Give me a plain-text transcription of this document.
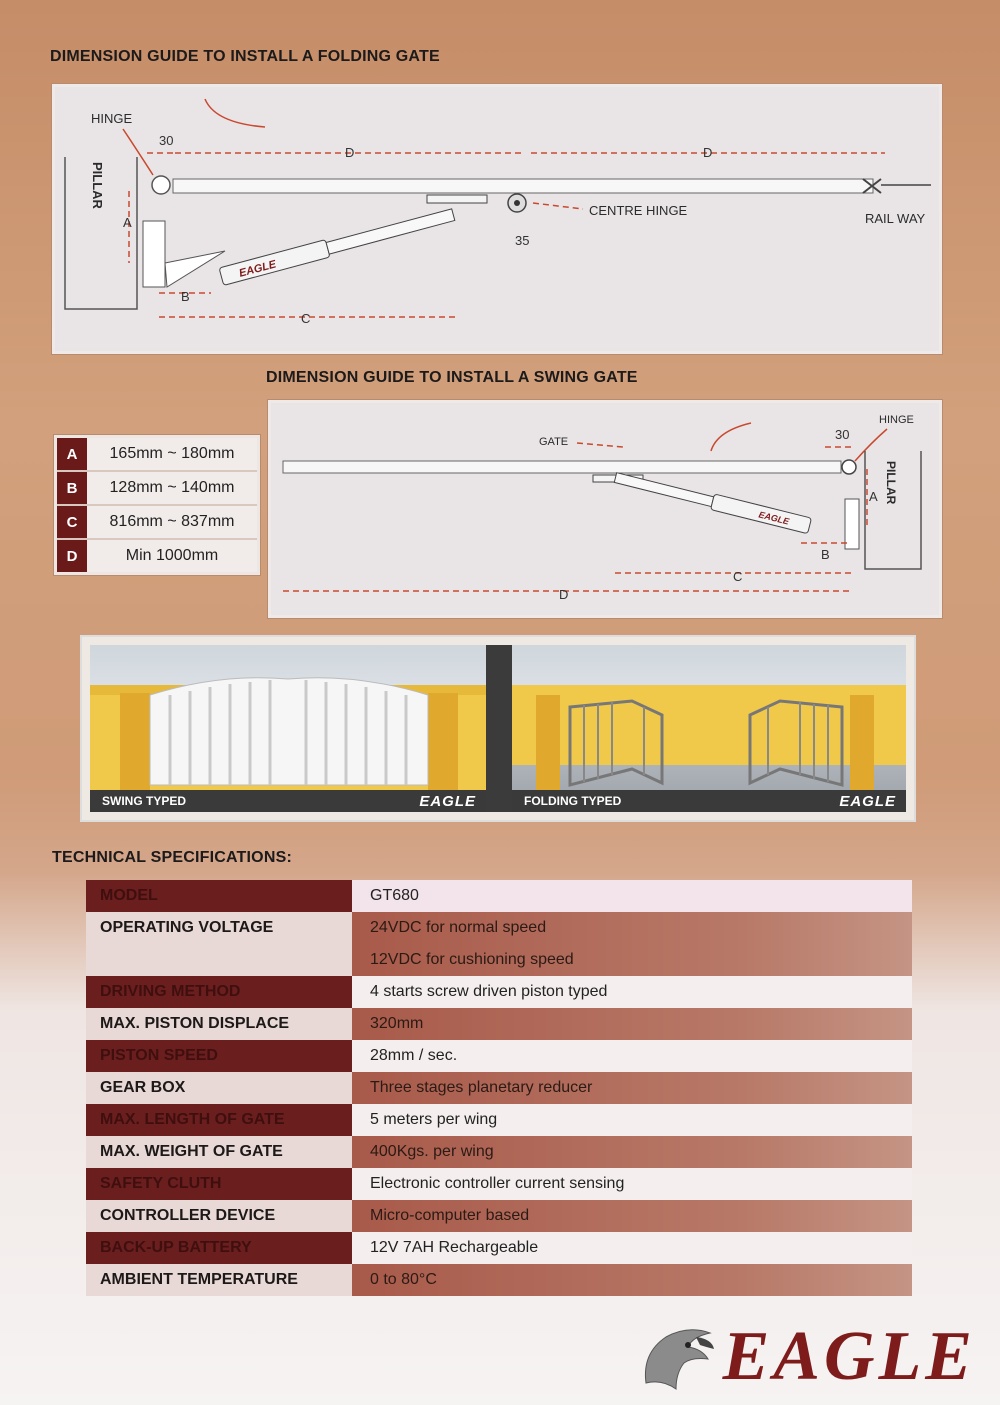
DIMENSION GUIDE TO INSTALL A FOLDING GATE
PILLAR
HINGE
30
D	D
CENTRE HINGE
35
RAIL WAY
EAGLE
A
B
C
DIMENSION GUIDE TO INSTALL A SWING GATE
GATE
HINGE
30
PILLAR
EAGLE
A
B
C
D
A	165mm ~ 180mm
B	128mm ~ 140mm
C	816mm ~ 837mm
D	Min 1000mm
SWING TYPED	EAGLE	FOLDING TYPED	EAGLE
TECHNICAL SPECIFICATIONS:
MODEL	GT680
OPERATING VOLTAGE	24VDC for normal speed
12VDC for cushioning speed
DRIVING METHOD	4 starts screw driven piston typed
MAX. PISTON DISPLACE	320mm
PISTON SPEED	28mm / sec.
GEAR BOX	Three stages planetary reducer
MAX. LENGTH OF GATE	5 meters per wing
MAX. WEIGHT OF GATE	400Kgs. per wing
SAFETY CLUTH	Electronic controller current sensing
CONTROLLER DEVICE	Micro-computer based
BACK-UP BATTERY	12V 7AH Rechargeable
AMBIENT TEMPERATURE	0 to 80°C
EAGLE
